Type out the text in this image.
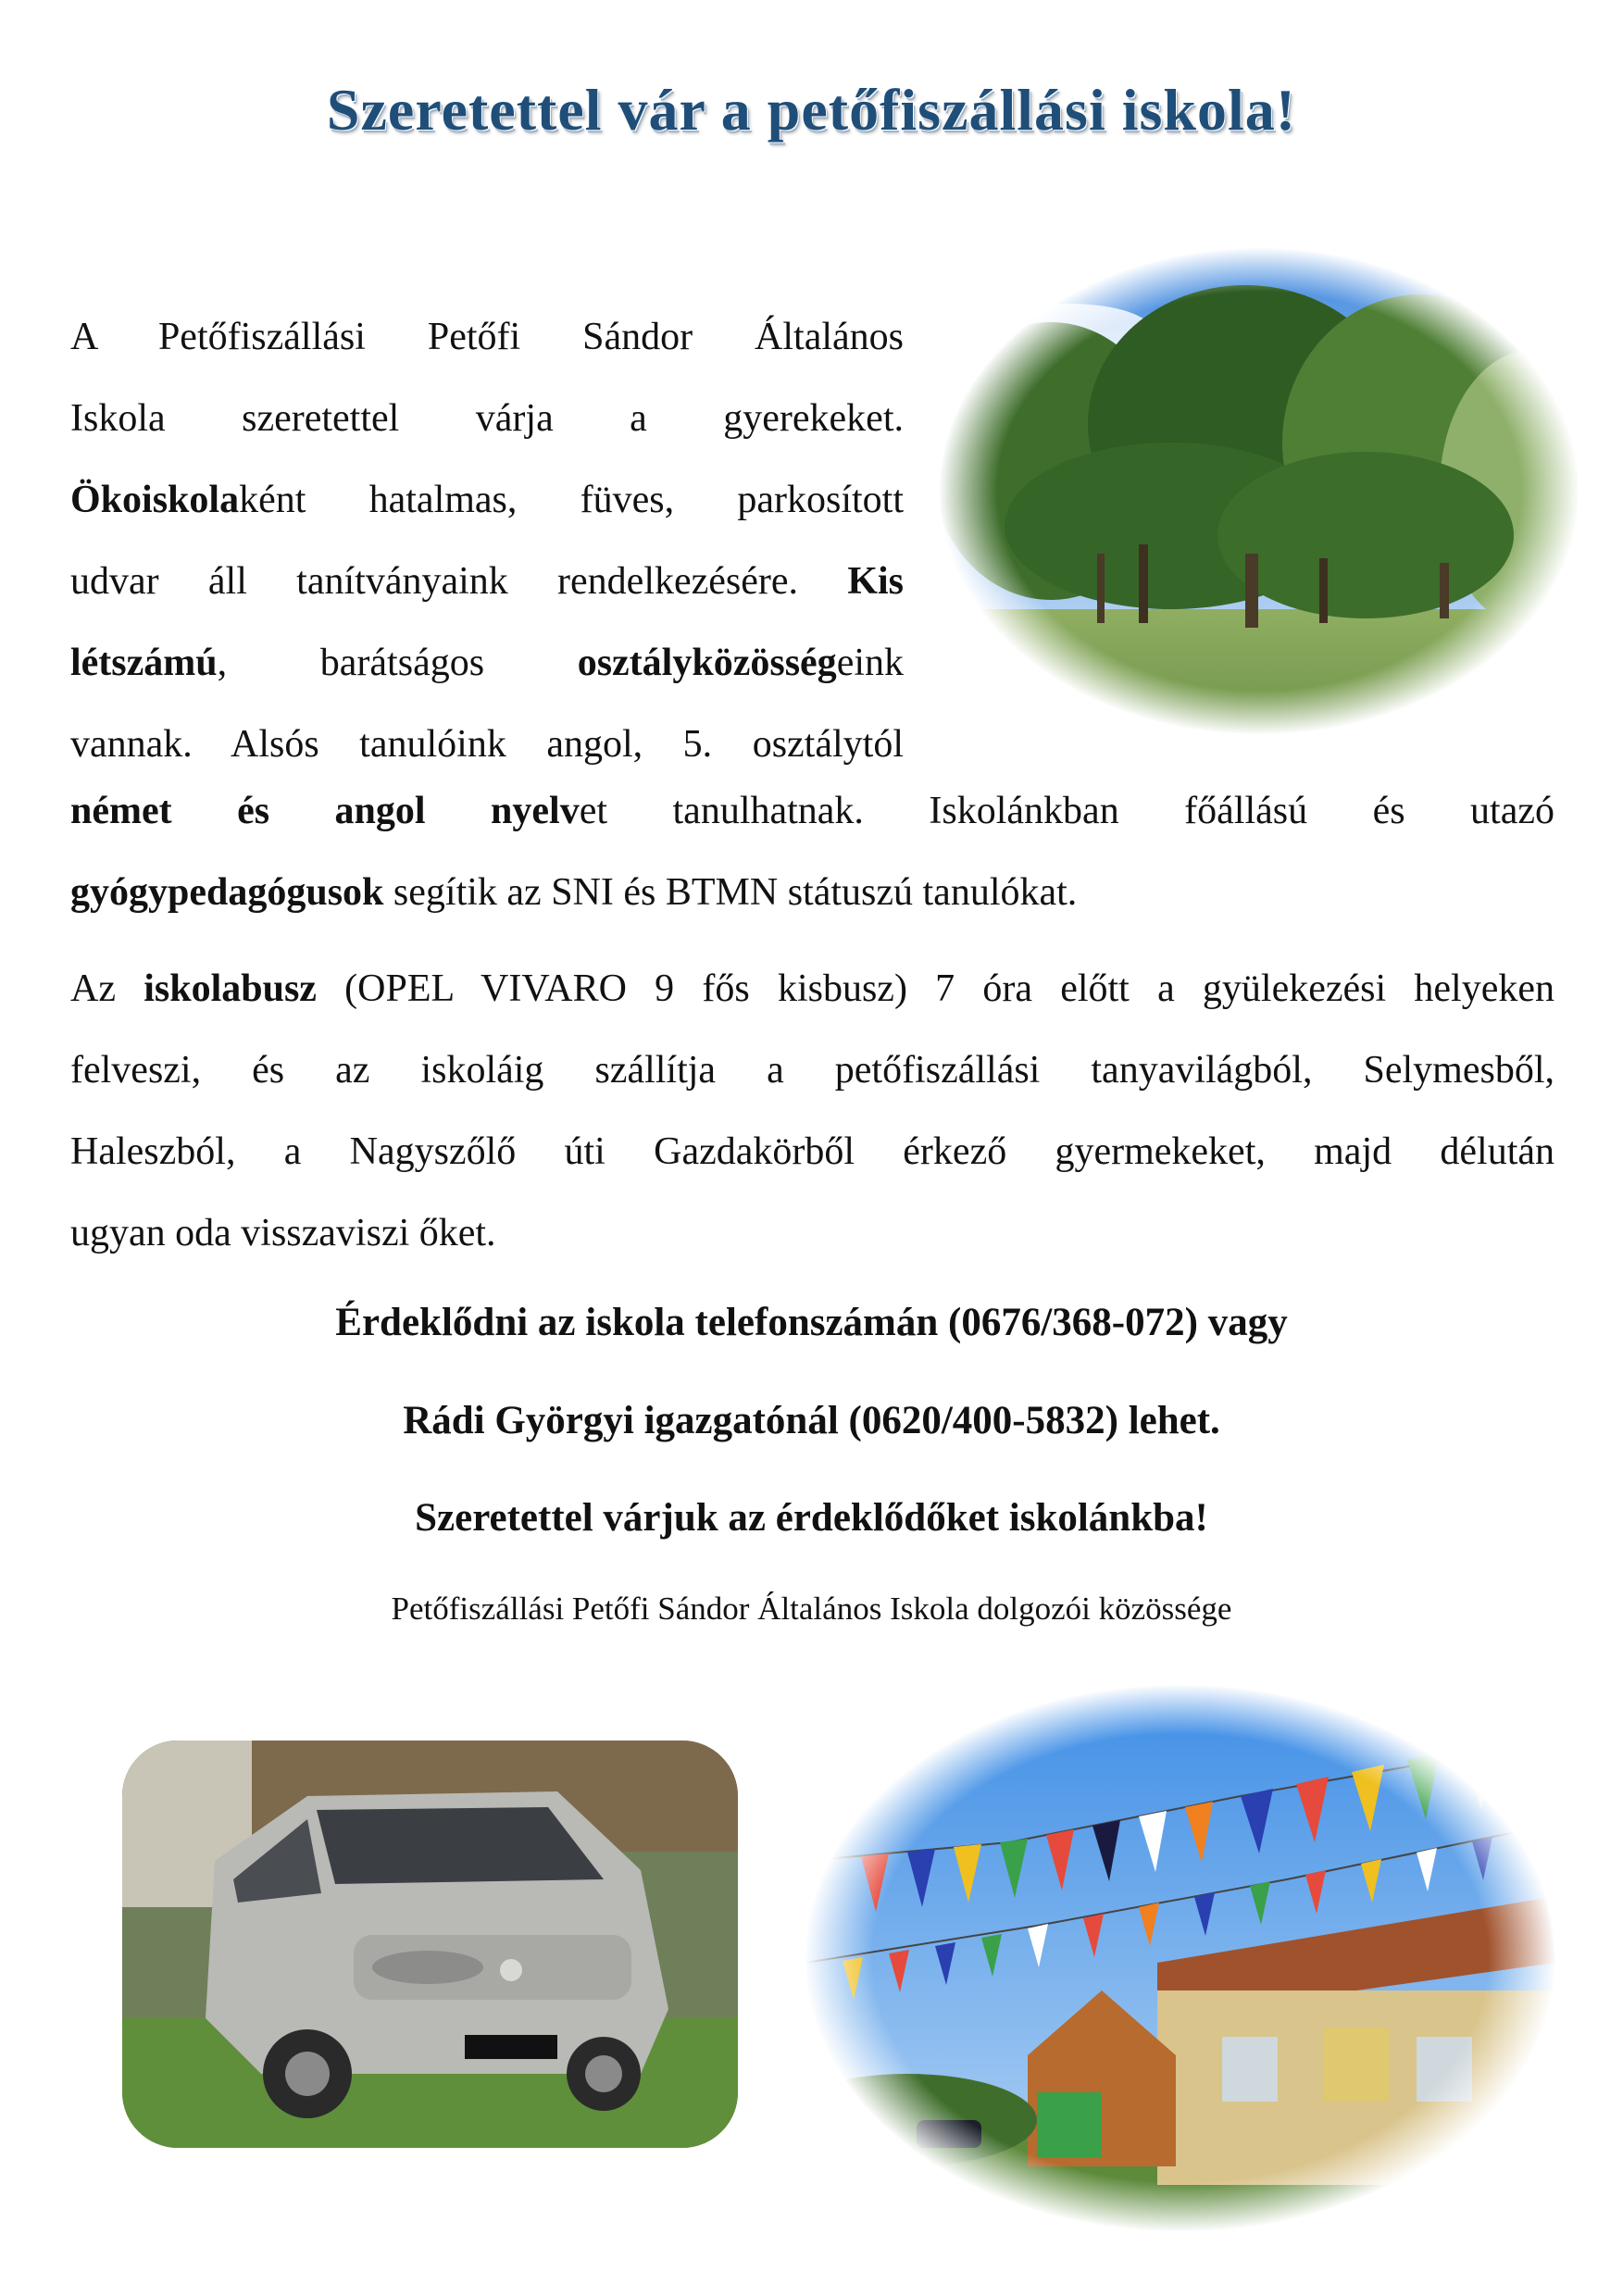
Szeretettel vár a petőfiszállási iskola!
A Petőfiszállási Petőfi Sándor Általános
Iskola szeretettel várja a gyerekeket.
Ökoiskolaként hatalmas, füves, parkosított
udvar áll tanítványaink rendelkezésére. Kis
létszámú, barátságos osztályközösségeink
vannak. Alsós tanulóink angol, 5. osztálytól
német és angol nyelvet tanulhatnak. Iskolánkban főállású és utazó
gyógypedagógusok segítik az SNI és BTMN státuszú tanulókat.
Az iskolabusz (OPEL VIVARO 9 fős kisbusz) 7 óra előtt a gyülekezési helyeken
felveszi, és az iskoláig szállítja a petőfiszállási tanyavilágból, Selymesből,
Haleszból, a Nagyszőlő úti Gazdakörből érkező gyermekeket, majd délután
ugyan oda visszaviszi őket.
Érdeklődni az iskola telefonszámán (0676/368-072) vagy
Rádi Györgyi igazgatónál (0620/400-5832) lehet.
Szeretettel várjuk az érdeklődőket iskolánkba!
Petőfiszállási Petőfi Sándor Általános Iskola dolgozói közössége
